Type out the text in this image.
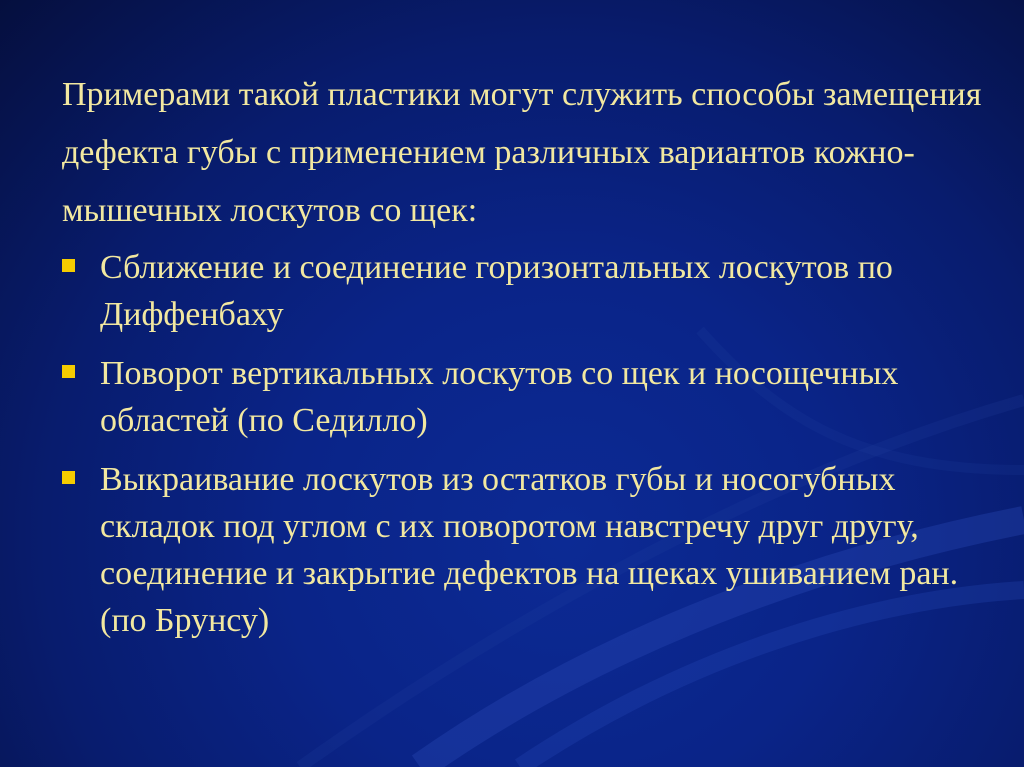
Примерами такой пластики могут служить способы замещения дефекта губы с применением различных вариантов кожно-мышечных лоскутов со щек:

Сближение и соединение горизонтальных лоскутов по Диффенбаху
Поворот вертикальных лоскутов со щек и носощечных областей (по Седилло)
Выкраивание лоскутов из остатков губы и носогубных складок под углом с их поворотом навстречу друг другу, соединение и закрытие дефектов на щеках ушиванием ран. (по Брунсу)
